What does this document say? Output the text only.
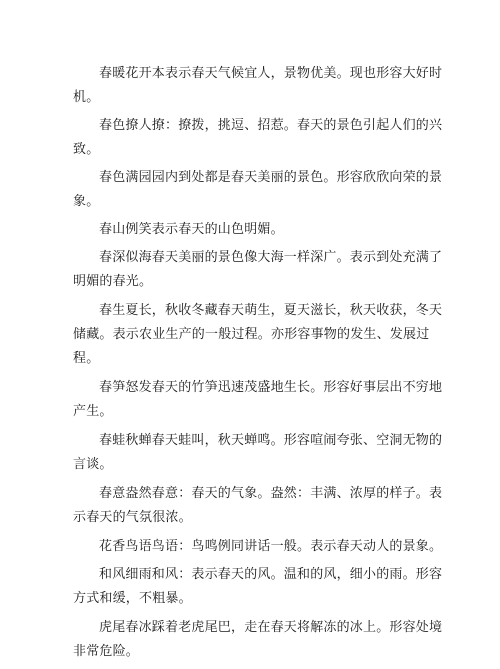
春暖花开本表示春天气候宜人，景物优美。现也形容大好时机。

春色撩人撩：撩拨，挑逗、招惹。春天的景色引起人们的兴致。

春色满园园内到处都是春天美丽的景色。形容欣欣向荣的景象。

春山例笑表示春天的山色明媚。

春深似海春天美丽的景色像大海一样深广。表示到处充满了明媚的春光。

春生夏长，秋收冬藏春天萌生，夏天滋长，秋天收获，冬天储藏。表示农业生产的一般过程。亦形容事物的发生、发展过程。

春笋怒发春天的竹笋迅速茂盛地生长。形容好事层出不穷地产生。

春蛙秋蝉春天蛙叫，秋天蝉鸣。形容喧闹夸张、空洞无物的言谈。

春意盎然春意：春天的气象。盎然：丰满、浓厚的样子。表示春天的气氛很浓。

花香鸟语鸟语：鸟鸣例同讲话一般。表示春天动人的景象。

和风细雨和风：表示春天的风。温和的风，细小的雨。形容方式和缓，不粗暴。

虎尾春冰踩着老虎尾巴，走在春天将解冻的冰上。形容处境非常危险。
